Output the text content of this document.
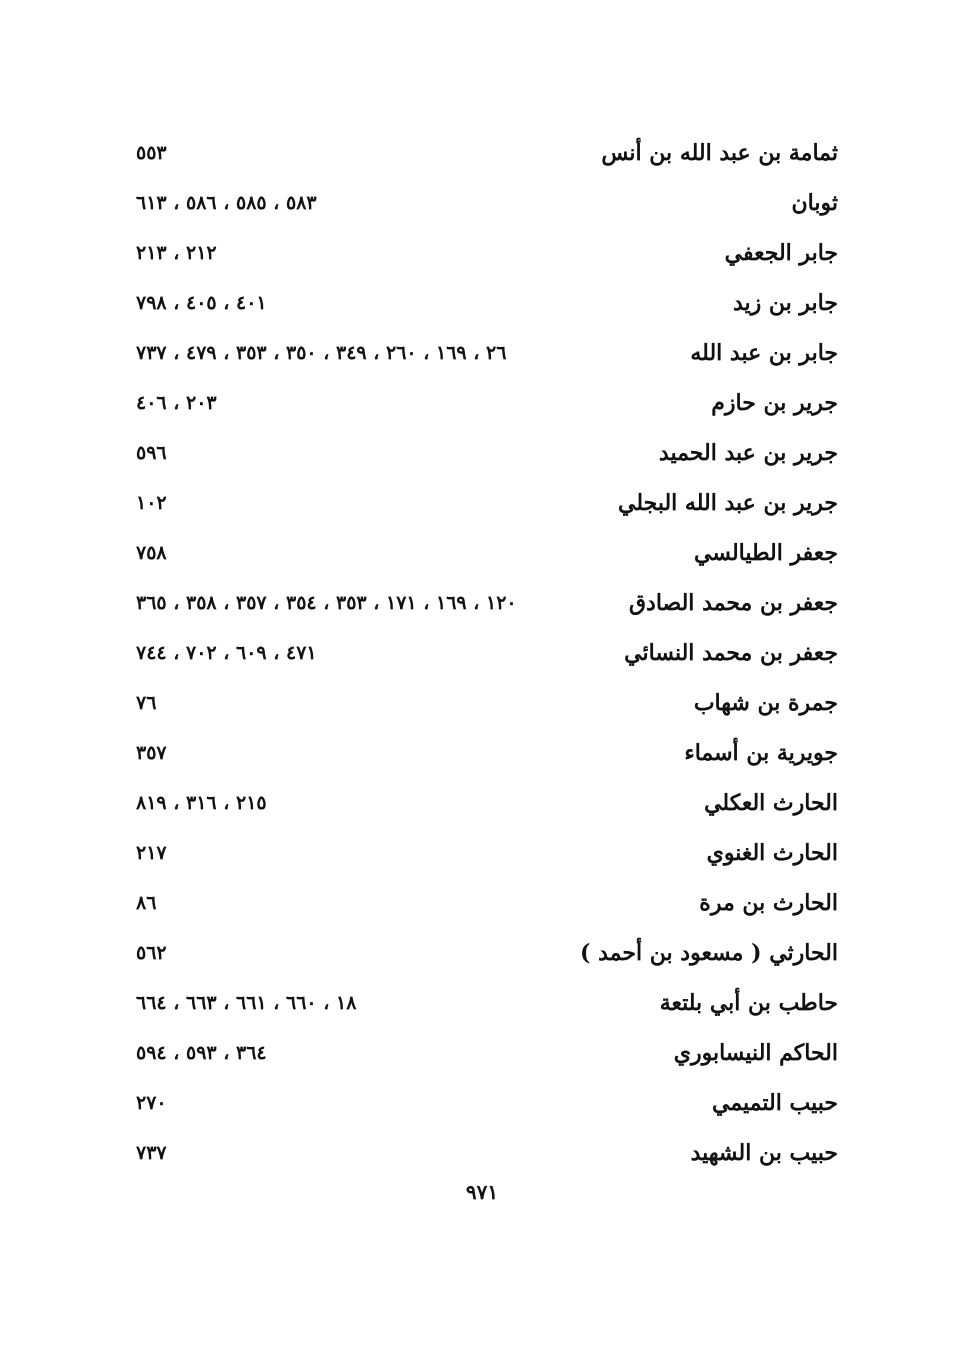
ثمامة بن عبد الله بن أنس
٥٥٣
ثوبان
٥٨٣ ، ٥٨٥ ، ٥٨٦ ، ٦١٣
جابر الجعفي
٢١٢ ، ٢١٣
جابر بن زيد
٤٠١ ، ٤٠٥ ، ٧٩٨
جابر بن عبد الله
٢٦ ، ١٦٩ ، ٢٦٠ ، ٣٤٩ ، ٣٥٠ ، ٣٥٣ ، ٤٧٩ ، ٧٣٧
جرير بن حازم
٢٠٣ ، ٤٠٦
جرير بن عبد الحميد
٥٩٦
جرير بن عبد الله البجلي
١٠٢
جعفر الطيالسي
٧٥٨
جعفر بن محمد الصادق
١٢٠ ، ١٦٩ ، ١٧١ ، ٣٥٣ ، ٣٥٤ ، ٣٥٧ ، ٣٥٨ ، ٣٦٥
جعفر بن محمد النسائي
٤٧١ ، ٦٠٩ ، ٧٠٢ ، ٧٤٤
جمرة بن شهاب
٧٦
جويرية بن أسماء
٣٥٧
الحارث العكلي
٢١٥ ، ٣١٦ ، ٨١٩
الحارث الغنوي
٢١٧
الحارث بن مرة
٨٦
الحارثي ( مسعود بن أحمد )
٥٦٢
حاطب بن أبي بلتعة
١٨ ، ٦٦٠ ، ٦٦١ ، ٦٦٣ ، ٦٦٤
الحاكم النيسابوري
٣٦٤ ، ٥٩٣ ، ٥٩٤
حبيب التميمي
٢٧٠
حبيب بن الشهيد
٧٣٧
٩٧١
